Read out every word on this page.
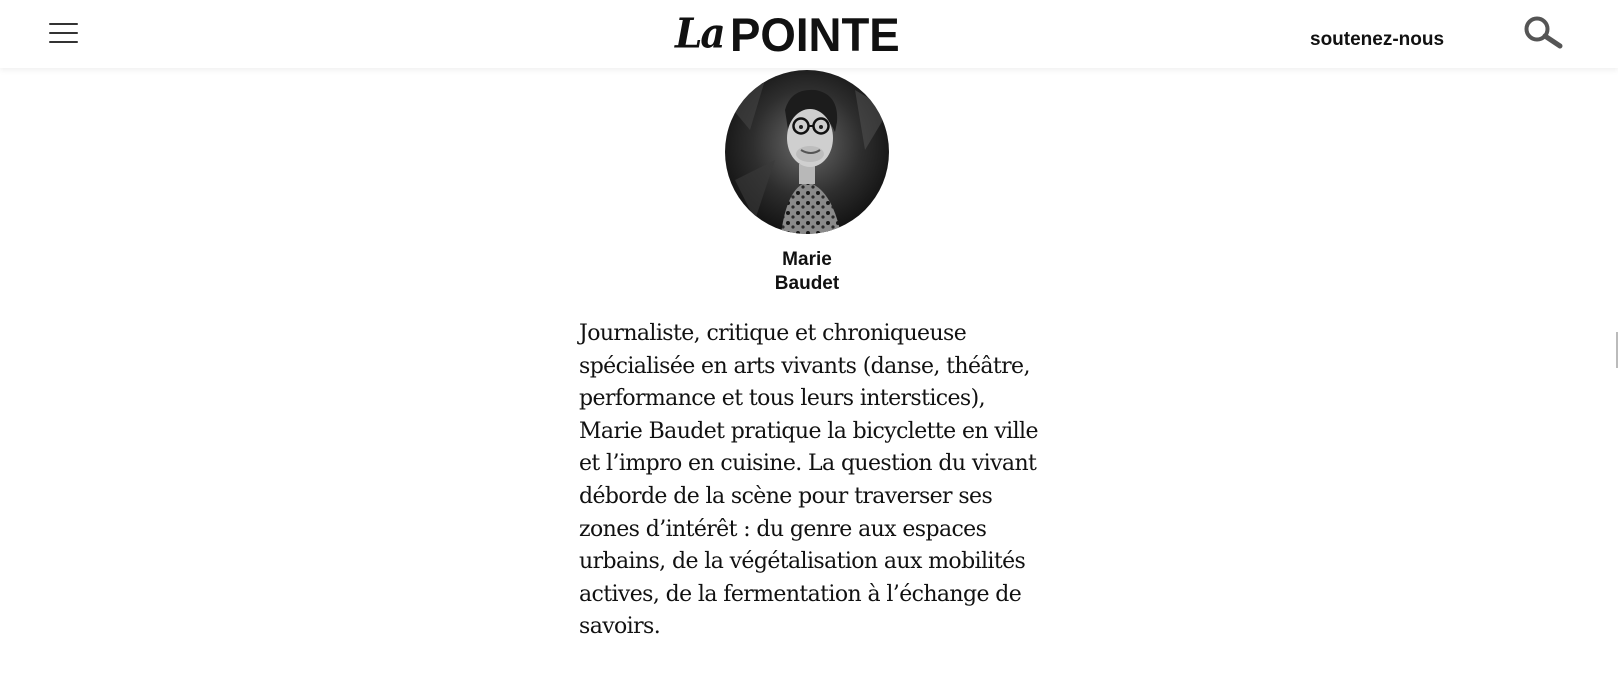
La POINTE	soutenez-nous
Marie
Baudet

Journaliste, critique et chroniqueuse spécialisée en arts vivants (danse, théâtre, performance et tous leurs interstices), Marie Baudet pratique la bicyclette en ville et l’impro en cuisine. La question du vivant déborde de la scène pour traverser ses zones d’intérêt : du genre aux espaces urbains, de la végétalisation aux mobilités actives, de la fermentation à l’échange de savoirs.
